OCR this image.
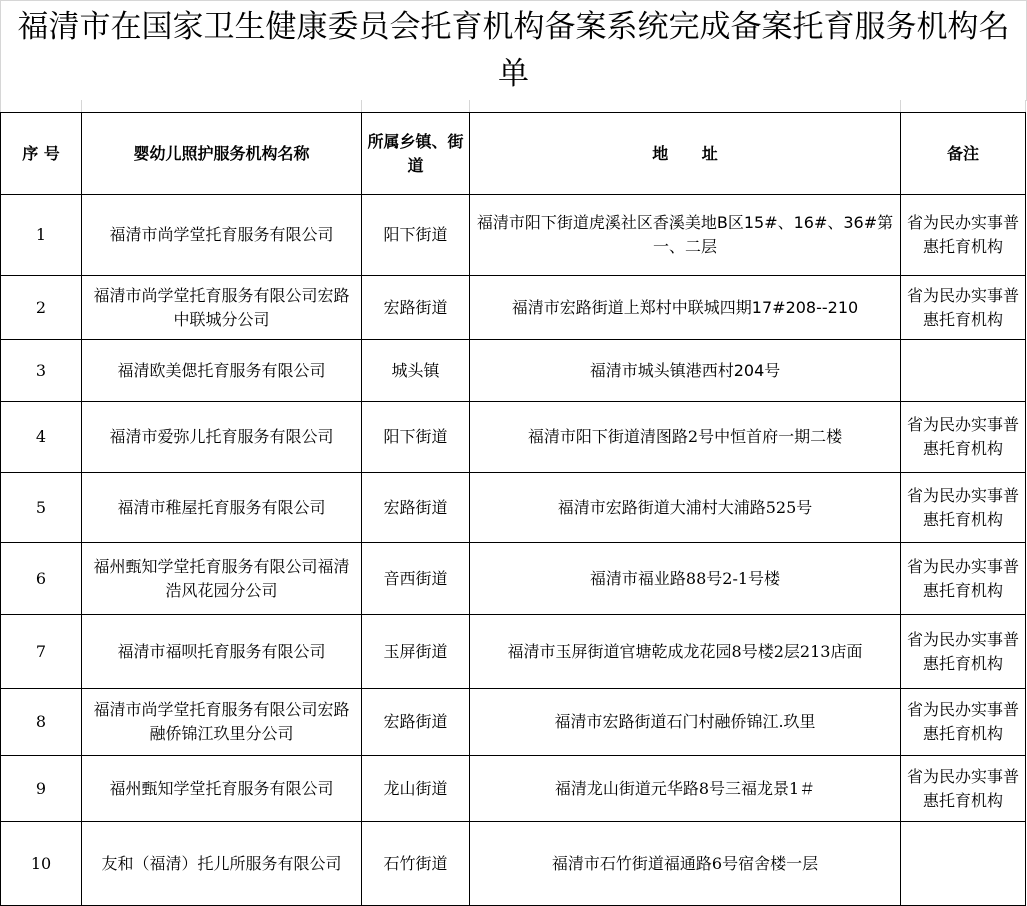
福清市在国家卫生健康委员会托育机构备案系统完成备案托育服务机构名单
序 号	婴幼儿照护服务机构名称	所属乡镇、街道	地      址	备注
1	福清市尚学堂托育服务有限公司	阳下街道	福清市阳下街道虎溪社区香溪美地B区15#、16#、36#第一、二层	省为民办实事普惠托育机构
2	福清市尚学堂托育服务有限公司宏路中联城分公司	宏路街道	福清市宏路街道上郑村中联城四期17#208--210	省为民办实事普惠托育机构
3	福清欧美偲托育服务有限公司	城头镇	福清市城头镇港西村204号	
4	福清市爱弥儿托育服务有限公司	阳下街道	福清市阳下街道清图路2号中恒首府一期二楼	省为民办实事普惠托育机构
5	福清市稚屋托育服务有限公司	宏路街道	福清市宏路街道大浦村大浦路525号	省为民办实事普惠托育机构
6	福州甄知学堂托育服务有限公司福清浩风花园分公司	音西街道	福清市福业路88号2-1号楼	省为民办实事普惠托育机构
7	福清市福呗托育服务有限公司	玉屏街道	福清市玉屏街道官塘乾成龙花园8号楼2层213店面	省为民办实事普惠托育机构
8	福清市尚学堂托育服务有限公司宏路融侨锦江玖里分公司	宏路街道	福清市宏路街道石门村融侨锦江.玖里	省为民办实事普惠托育机构
9	福州甄知学堂托育服务有限公司	龙山街道	福清龙山街道元华路8号三福龙景1＃	省为民办实事普惠托育机构
10	友和（福清）托儿所服务有限公司	石竹街道	福清市石竹街道福通路6号宿舍楼一层	
